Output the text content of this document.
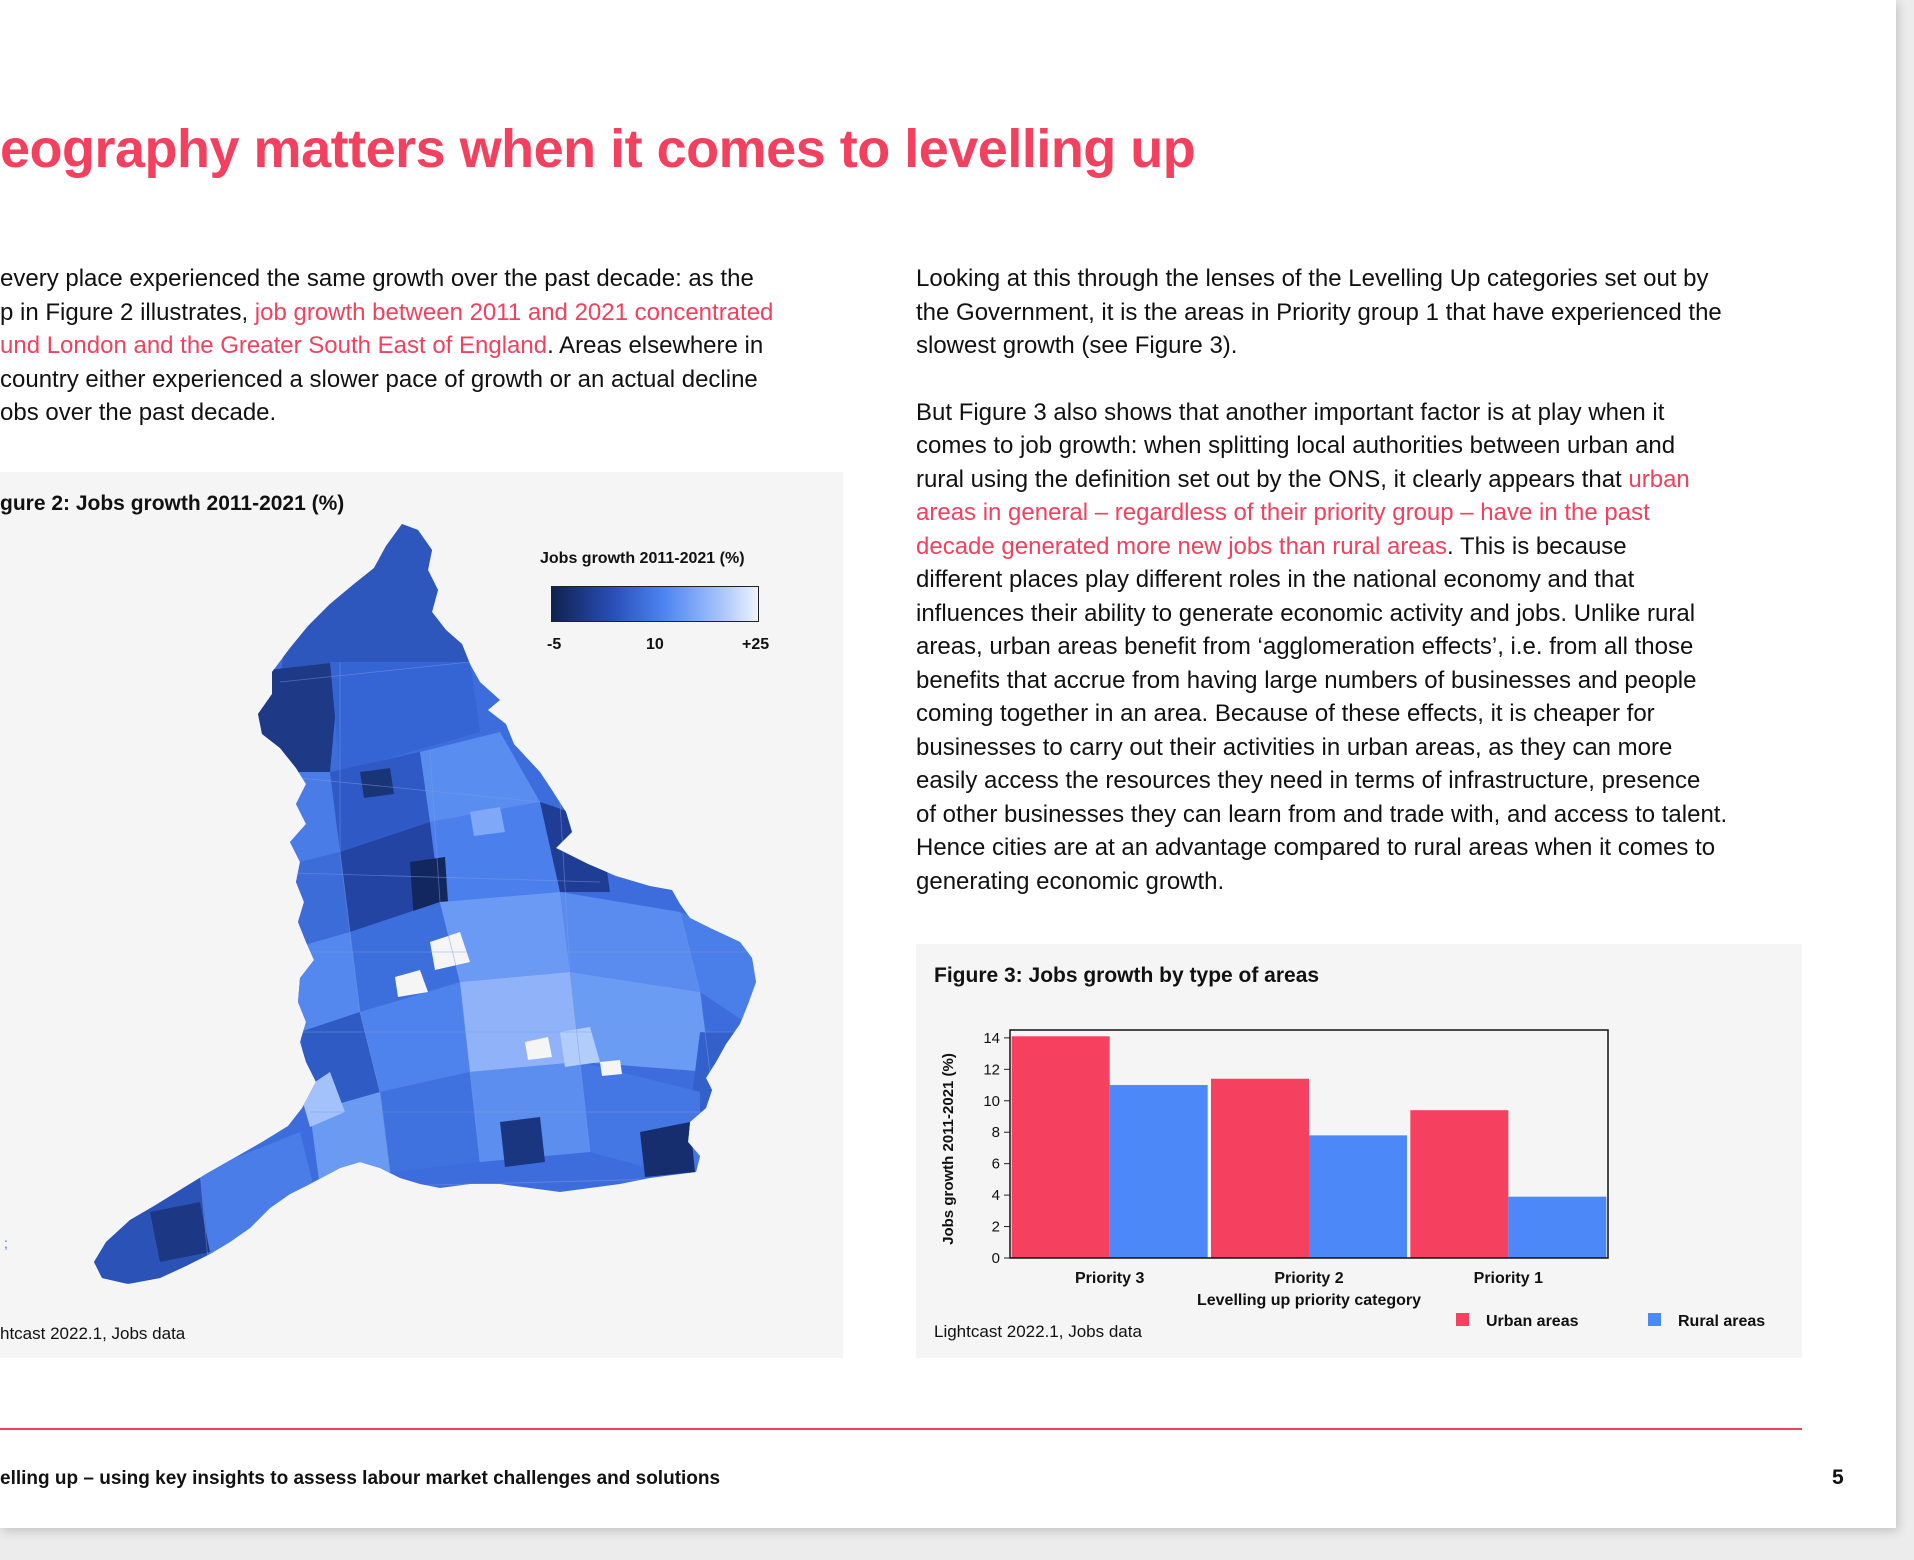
eography matters when it comes to levelling up

every place experienced the same growth over the past decade: as the
p in Figure 2 illustrates, job growth between 2011 and 2021 concentrated
und London and the Greater South East of England. Areas elsewhere in
country either experienced a slower pace of growth or an actual decline
obs over the past decade.

Looking at this through the lenses of the Levelling Up categories set out by
the Government, it is the areas in Priority group 1 that have experienced the
slowest growth (see Figure 3).

But Figure 3 also shows that another important factor is at play when it
comes to job growth: when splitting local authorities between urban and
rural using the definition set out by the ONS, it clearly appears that urban
areas in general – regardless of their priority group – have in the past
decade generated more new jobs than rural areas. This is because
different places play different roles in the national economy and that
influences their ability to generate economic activity and jobs. Unlike rural
areas, urban areas benefit from ‘agglomeration effects’, i.e. from all those
benefits that accrue from having large numbers of businesses and people
coming together in an area. Because of these effects, it is cheaper for
businesses to carry out their activities in urban areas, as they can more
easily access the resources they need in terms of infrastructure, presence
of other businesses they can learn from and trade with, and access to talent.
Hence cities are at an advantage compared to rural areas when it comes to
generating economic growth.

gure 2: Jobs growth 2011-2021 (%)
;
Jobs growth 2011-2021 (%)
-5	10	+25
htcast 2022.1, Jobs data
Figure 3: Jobs growth by type of areas
0
2
4
6
8
10
12
14
Priority 3	Priority 2	Priority 1
Levelling up priority category
Jobs growth 2011-2021 (%)
Urban areas	Rural areas
Lightcast 2022.1, Jobs data
elling up – using key insights to assess labour market challenges and solutions	5
